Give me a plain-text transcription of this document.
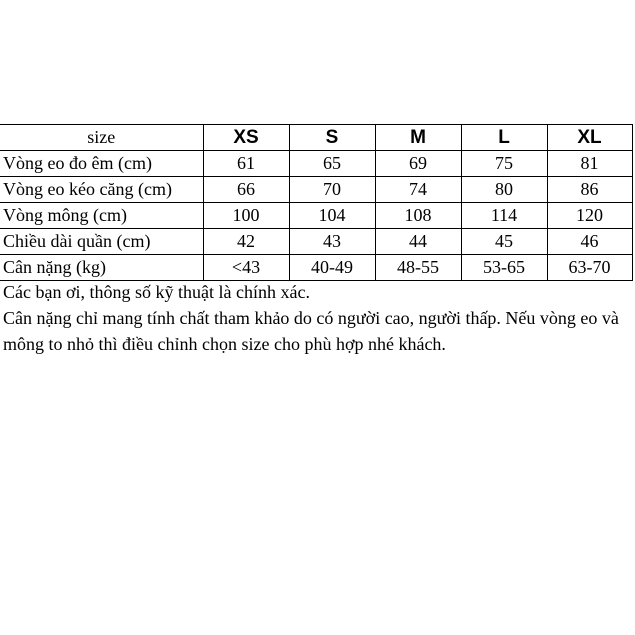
size	XS	S	M	L	XL
Vòng eo đo êm (cm)	61	65	69	75	81
Vòng eo kéo căng (cm)	66	70	74	80	86
Vòng mông (cm)	100	104	108	114	120
Chiều dài quần (cm)	42	43	44	45	46
Cân nặng (kg)	<43	40-49	48-55	53-65	63-70

Các bạn ơi, thông số kỹ thuật là chính xác.

Cân nặng chỉ mang tính chất tham khảo do có người cao, người thấp. Nếu vòng eo và mông to nhỏ thì điều chỉnh chọn size cho phù hợp nhé khách.
